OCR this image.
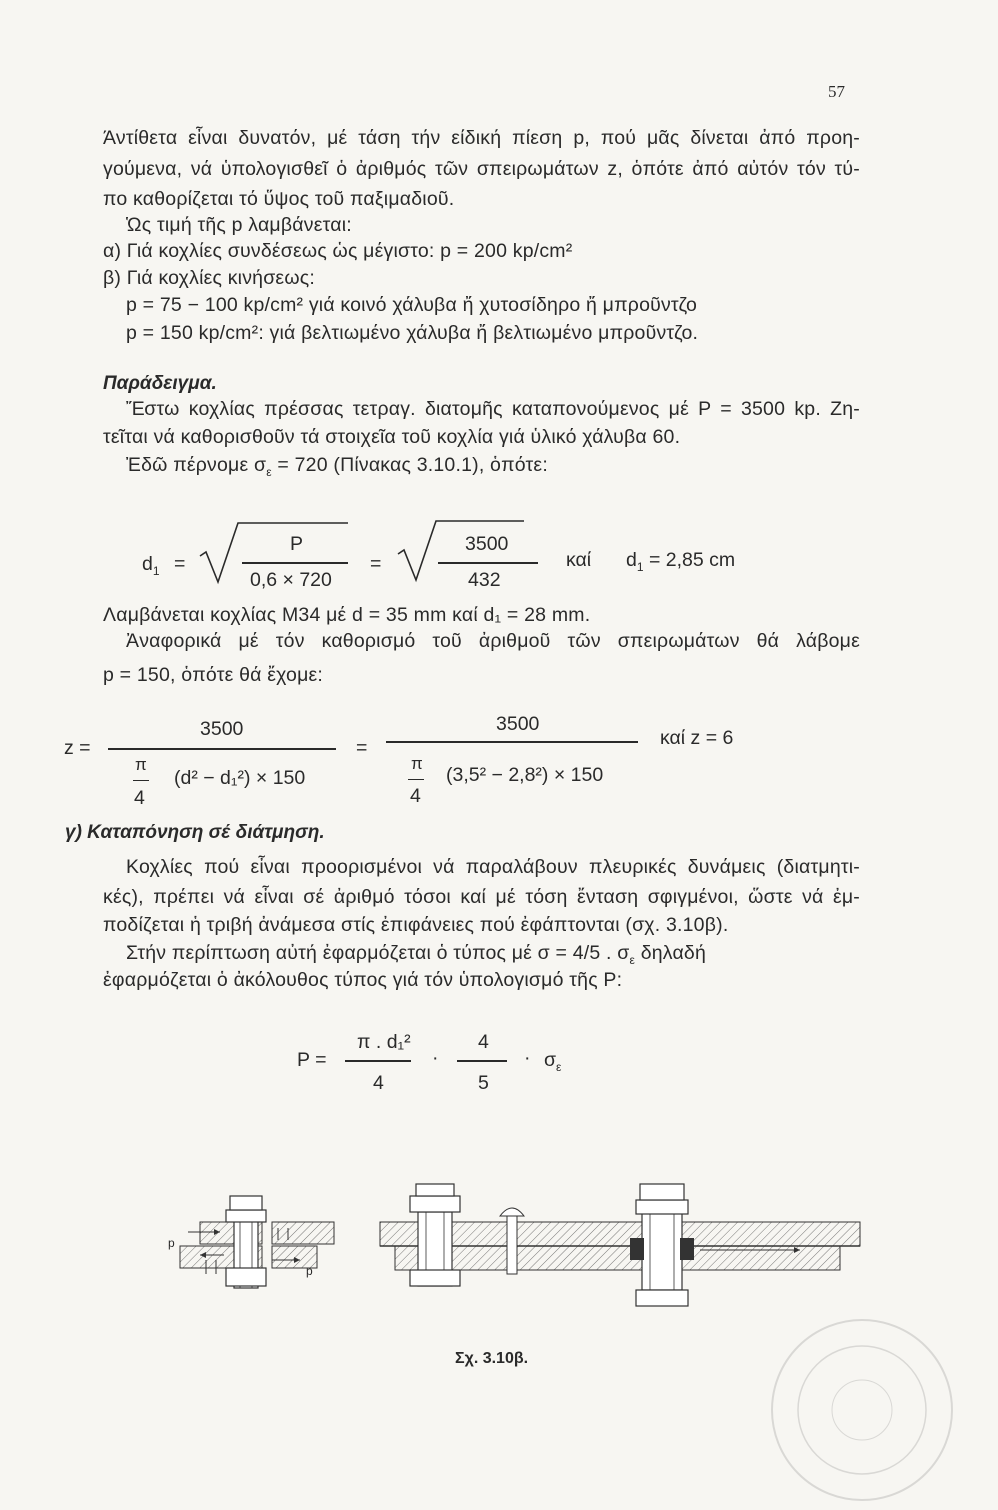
57
Άντίθετα εἶναι δυνατόν, μέ τάση τήν είδική πίεση p, πού μᾶς δίνεται ἀπό προη-
γούμενα, νά ὑπολογισθεῖ ὁ ἀριθμός τῶν σπειρωμάτων z, ὁπότε ἀπό αὐτόν τόν τύ-
πο καθορίζεται τό ὕψος τοῦ παξιμαδιοῦ.
Ὡς τιμή τῆς p λαμβάνεται:
α) Γιά κοχλίες συνδέσεως ὡς μέγιστο: p = 200 kp/cm²
β) Γιά κοχλίες κινήσεως:
p = 75 − 100 kp/cm² γιά κοινό χάλυβα ἤ χυτοσίδηρο ἤ μπροῦντζο
p = 150 kp/cm²: γιά βελτιωμένο χάλυβα ἤ βελτιωμένο μπροῦντζο.
Παράδειγμα.
Ἔστω κοχλίας πρέσσας τετραγ. διατομῆς καταπονούμενος μέ P = 3500 kp. Ζη-
τεῖται νά καθορισθοῦν τά στοιχεῖα τοῦ κοχλία γιά ὑλικό χάλυβα 60.
Ἐδῶ πέρνομε $\sigma_\varepsilon = 720$ (Πίνακας 3.10.1), ὁπότε:
$d_1$ =
P
0,6 × 720
=
3500
432
καί $d_1 = 2,85$ cm
Λαμβάνεται κοχλίας M34 μέ d = 35 mm καί d₁ = 28 mm.
Ἀναφορικά μέ τόν καθορισμό τοῦ ἀριθμοῦ τῶν σπειρωμάτων θά λάβομε
p = 150, ὁπότε θά ἔχομε:
z =
3500
π
4
(d² − d₁²) × 150
=
3500
π
4
(3,5² − 2,8²) × 150
καί z = 6
γ) Καταπόνηση σέ διάτμηση.
Κοχλίες πού εἶναι προορισμένοι νά παραλάβουν πλευρικές δυνάμεις (διατμητι-
κές), πρέπει νά εἶναι σέ ἀριθμό τόσοι καί μέ τόση ἔνταση σφιγμένοι, ὥστε νά ἐμ-
ποδίζεται ἡ τριβή ἀνάμεσα στίς ἐπιφάνειες πού ἐφάπτονται (σχ. 3.10β).
Στήν περίπτωση αὐτή ἐφαρμόζεται ὁ τύπος μέ σ = 4/5 . $\sigma_\varepsilon$ δηλαδή
ἐφαρμόζεται ὁ ἀκόλουθος τύπος γιά τόν ὑπολογισμό τῆς P:
P =
π . d₁²
4
·
4
5
· $\sigma_\varepsilon$
p
p
Σχ. 3.10β.
